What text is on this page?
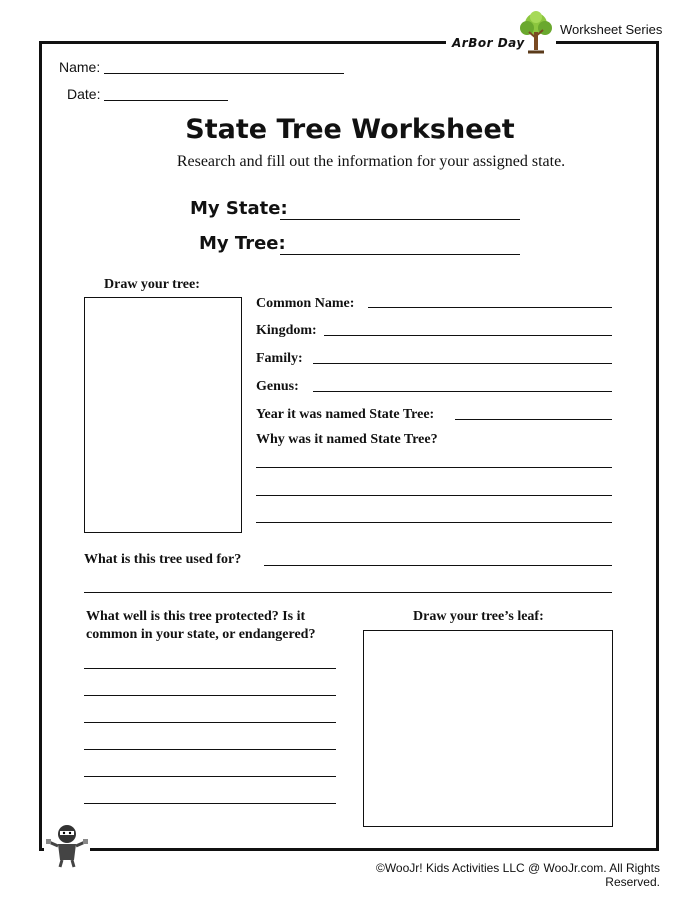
ArBor Day
Worksheet Series
Name:
Date:
State Tree Worksheet
Research and fill out the information for your assigned state.
My State:
My Tree:
Draw your tree:
Common Name:
Kingdom:
Family:
Genus:
Year it was named State Tree:
Why was it named State Tree?
What is this tree used for?
What well is this tree protected? Is it
common in your state, or endangered?
Draw your tree’s leaf:
©WooJr! Kids Activities LLC @ WooJr.com. All Rights Reserved.
